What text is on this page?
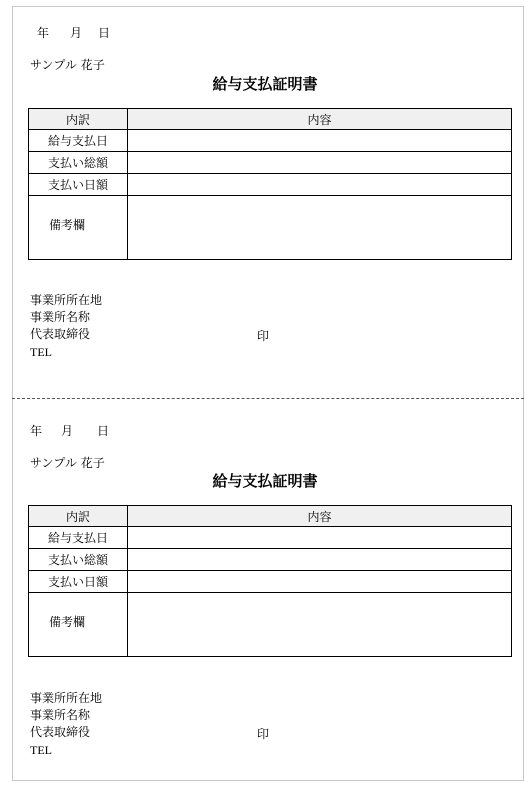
年 月 日
サンプル 花子
給与支払証明書
内訳	内容
給与支払日	
支払い総額	
支払い日額	
備考欄	
事業所所在地
事業所名称
代表取締役	印
TEL
年 月 日
サンプル 花子
給与支払証明書
内訳	内容
給与支払日	
支払い総額	
支払い日額	
備考欄	
事業所所在地
事業所名称
代表取締役	印
TEL
